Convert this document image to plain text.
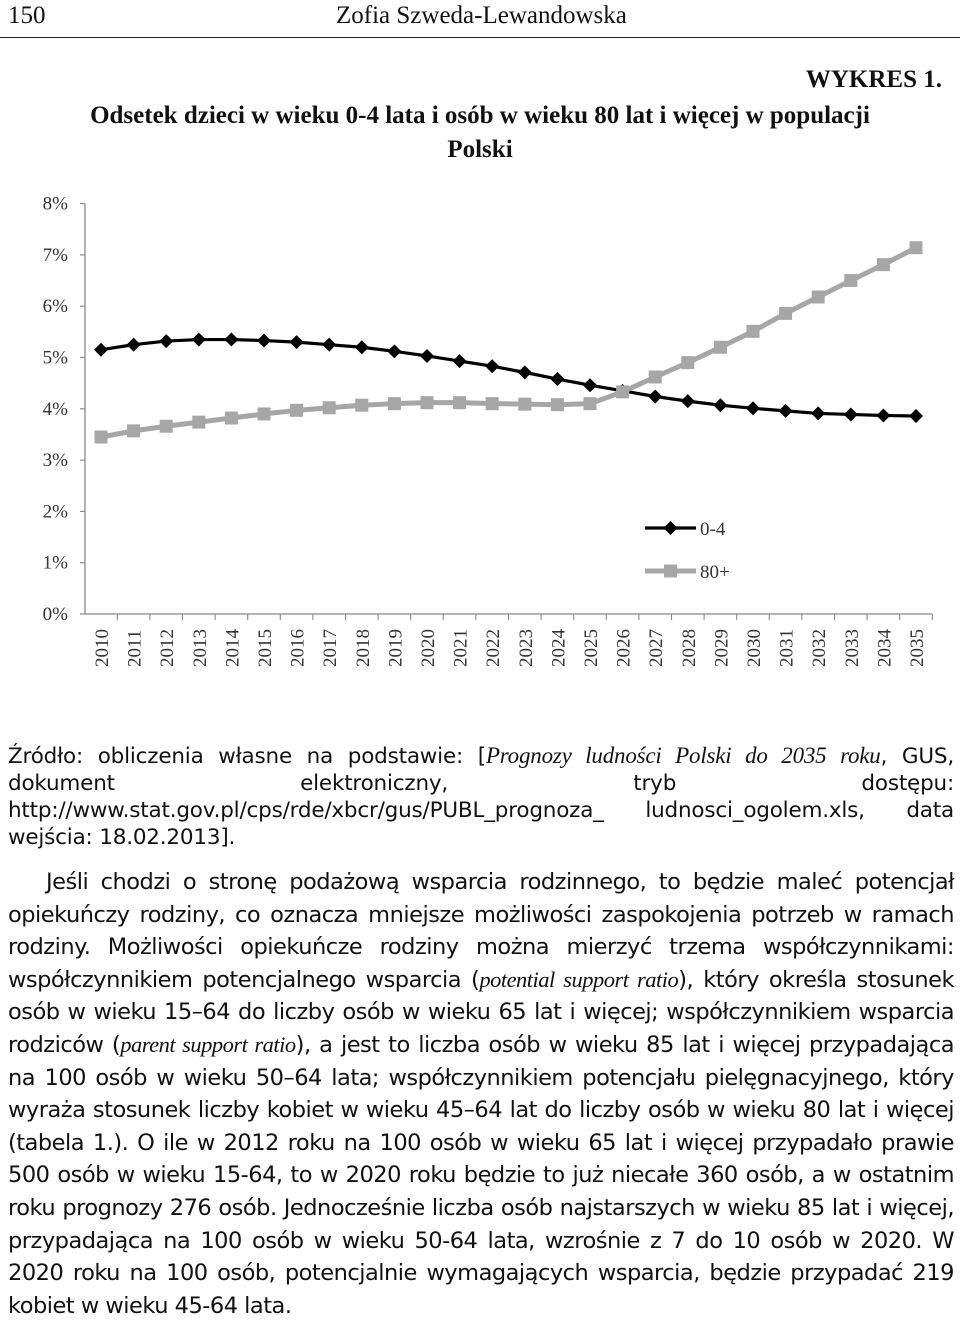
150	Zofia Szweda-Lewandowska
WYKRES 1.
Odsetek dzieci w wieku 0-4 lata i osób w wieku 80 lat i więcej w populacji
Polski
0%
1%
2%
3%
4%
5%
6%
7%
8%
2010 2011 2012 2013 2014 2015 2016 2017 2018 2019 2020 2021 2022 2023 2024 2025 2026 2027 2028 2029 2030 2031 2032 2033 2034 2035
0-4
80+
Źródło: obliczenia własne na podstawie: [Prognozy ludności Polski do 2035 roku, GUS, dokument elektroniczny, tryb dostępu: http://www.stat.gov.pl/cps/rde/xbcr/gus/PUBL_prognoza_ ludnosci_ogolem.xls, data wejścia: 18.02.2013].

Jeśli chodzi o stronę podażową wsparcia rodzinnego, to będzie maleć potencjał opiekuńczy rodziny, co oznacza mniejsze możliwości zaspokojenia potrzeb w ramach rodziny. Możliwości opiekuńcze rodziny można mierzyć trzema współczynnikami: współczynnikiem potencjalnego wsparcia (potential support ratio), który określa stosunek osób w wieku 15–64 do liczby osób w wieku 65 lat i więcej; współczynnikiem wsparcia rodziców (parent support ratio), a jest to liczba osób w wieku 85 lat i więcej przypadająca na 100 osób w wieku 50–64 lata; współczynnikiem potencjału pielęgnacyjnego, który wyraża stosunek liczby kobiet w wieku 45–64 lat do liczby osób w wieku 80 lat i więcej (tabela 1.). O ile w 2012 roku na 100 osób w wieku 65 lat i więcej przypadało prawie 500 osób w wieku 15-64, to w 2020 roku będzie to już niecałe 360 osób, a w ostatnim roku prognozy 276 osób. Jednocześnie liczba osób najstarszych w wieku 85 lat i więcej, przypadająca na 100 osób w wieku 50-64 lata, wzrośnie z 7 do 10 osób w 2020. W 2020 roku na 100 osób, potencjalnie wymagających wsparcia, będzie przypadać 219 kobiet w wieku 45-64 lata.
